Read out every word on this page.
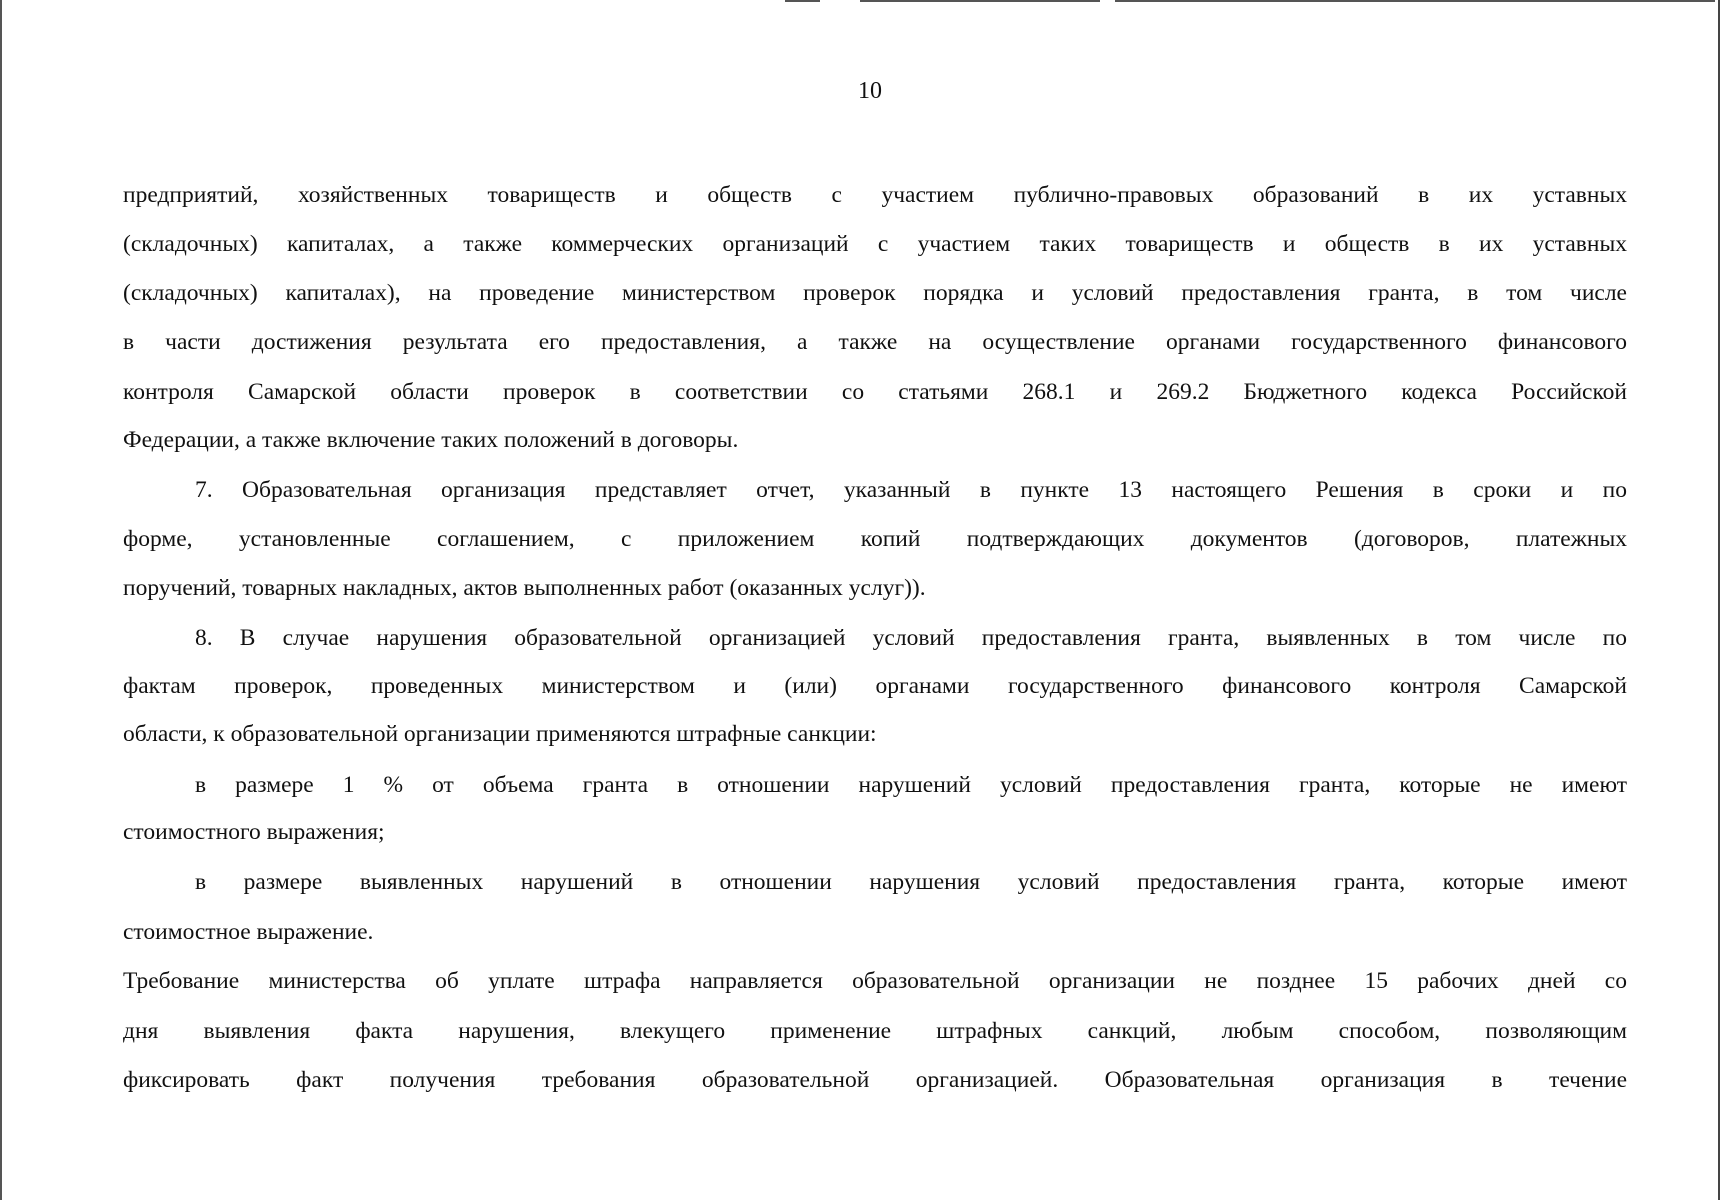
10
предприятий, хозяйственных товариществ и обществ с участием публично-правовых образований в их уставных
(складочных) капиталах, а также коммерческих организаций с участием таких товариществ и обществ в их уставных
(складочных) капиталах), на проведение министерством проверок порядка и условий предоставления гранта, в том числе
в части достижения результата его предоставления, а также на осуществление органами государственного финансового
контроля Самарской области проверок в соответствии со статьями 268.1 и 269.2 Бюджетного кодекса Российской
Федерации, а также включение таких положений в договоры.
7. Образовательная организация представляет отчет, указанный в пункте 13 настоящего Решения в сроки и по
форме, установленные соглашением, с приложением копий подтверждающих документов (договоров, платежных
поручений, товарных накладных, актов выполненных работ (оказанных услуг)).
8. В случае нарушения образовательной организацией условий предоставления гранта, выявленных в том числе по
фактам проверок, проведенных министерством и (или) органами государственного финансового контроля Самарской
области, к образовательной организации применяются штрафные санкции:
в размере 1 % от объема гранта в отношении нарушений условий предоставления гранта, которые не имеют
стоимостного выражения;
в размере выявленных нарушений в отношении нарушения условий предоставления гранта, которые имеют
стоимостное выражение.
Требование министерства об уплате штрафа направляется образовательной организации не позднее 15 рабочих дней со
дня выявления факта нарушения, влекущего применение штрафных санкций, любым способом, позволяющим
фиксировать факт получения требования образовательной организацией. Образовательная организация в течение
